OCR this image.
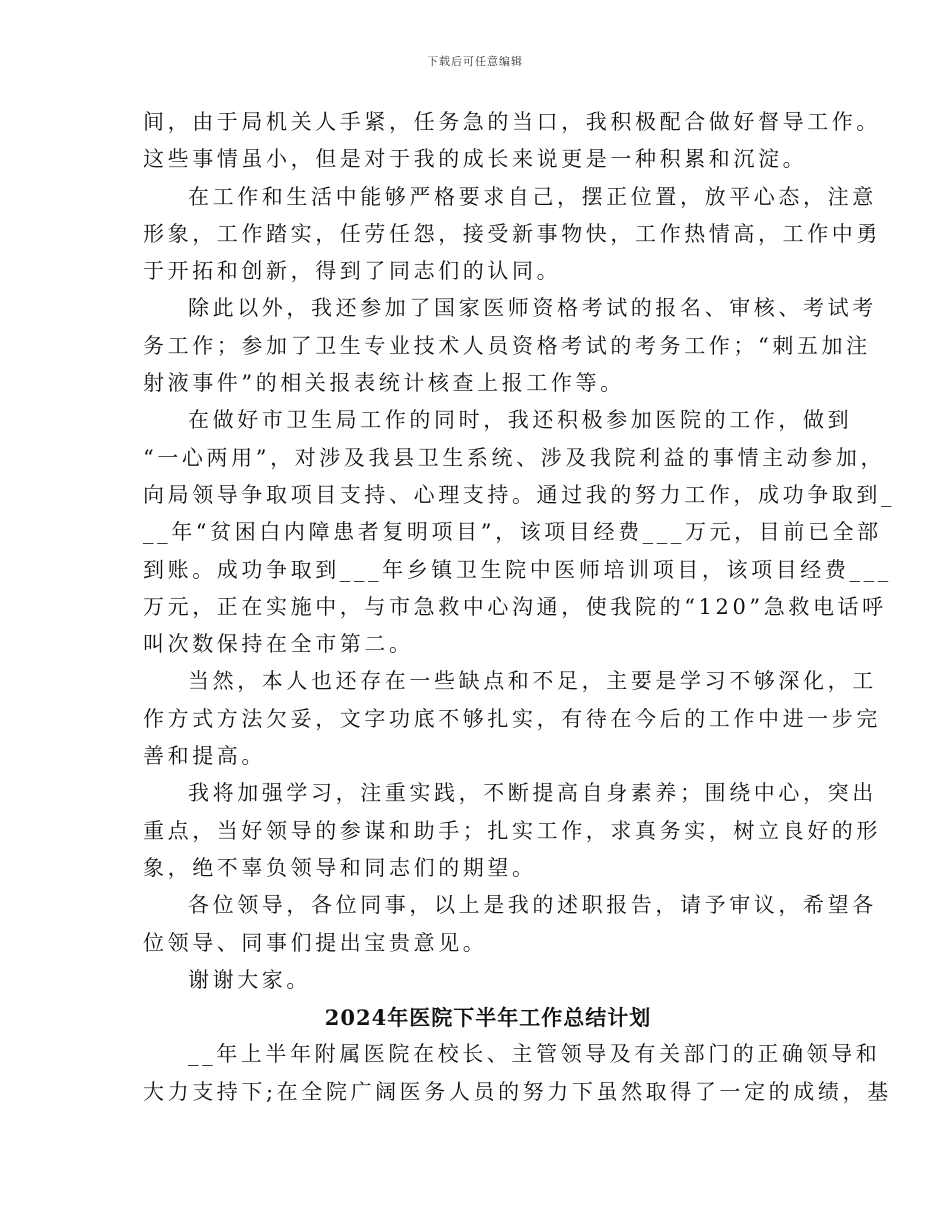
下载后可任意编辑
间，由于局机关人手紧，任务急的当口，我积极配合做好督导工作。
这些事情虽小，但是对于我的成长来说更是一种积累和沉淀。
在工作和生活中能够严格要求自己，摆正位置，放平心态，注意
形象，工作踏实，任劳任怨，接受新事物快，工作热情高，工作中勇
于开拓和创新，得到了同志们的认同。
除此以外，我还参加了国家医师资格考试的报名、审核、考试考
务工作；参加了卫生专业技术人员资格考试的考务工作；“刺五加注
射液事件”的相关报表统计核查上报工作等。
在做好市卫生局工作的同时，我还积极参加医院的工作，做到
“一心两用”，对涉及我县卫生系统、涉及我院利益的事情主动参加，
向局领导争取项目支持、心理支持。通过我的努力工作，成功争取到_
__年“贫困白内障患者复明项目”，该项目经费___万元，目前已全部
到账。成功争取到___年乡镇卫生院中医师培训项目，该项目经费___
万元，正在实施中，与市急救中心沟通，使我院的“120”急救电话呼
叫次数保持在全市第二。
当然，本人也还存在一些缺点和不足，主要是学习不够深化，工
作方式方法欠妥，文字功底不够扎实，有待在今后的工作中进一步完
善和提高。
我将加强学习，注重实践，不断提高自身素养；围绕中心，突出
重点，当好领导的参谋和助手；扎实工作，求真务实，树立良好的形
象，绝不辜负领导和同志们的期望。
各位领导，各位同事，以上是我的述职报告，请予审议，希望各
位领导、同事们提出宝贵意见。
谢谢大家。
2024年医院下半年工作总结计划
__年上半年附属医院在校长、主管领导及有关部门的正确领导和
大力支持下;在全院广阔医务人员的努力下虽然取得了一定的成绩，基
